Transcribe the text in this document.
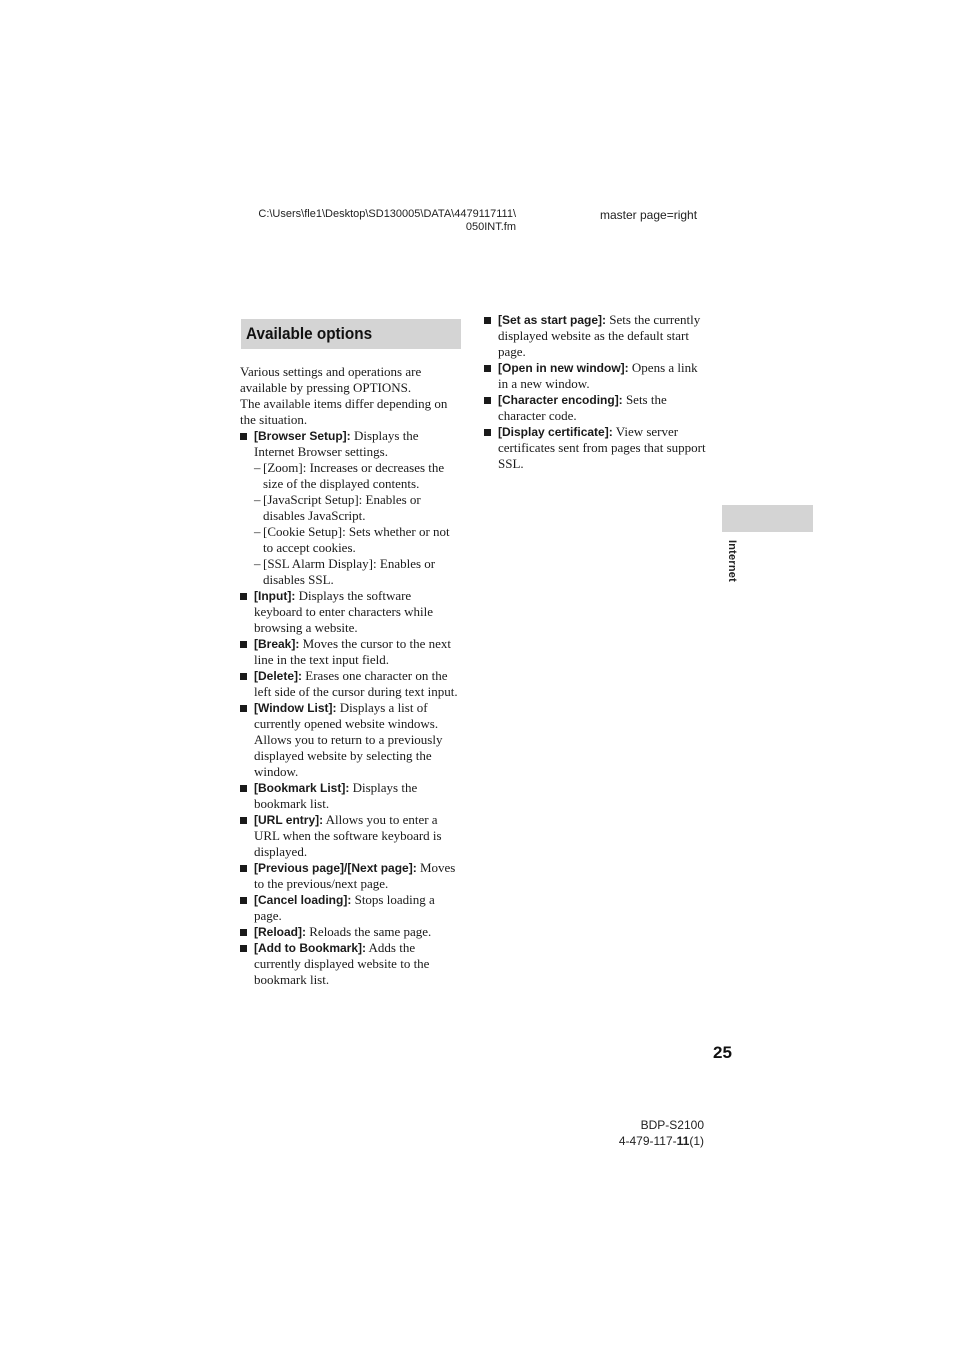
C:\Users\fle1\Desktop\SD130005\DATA\4479117111\
050INT.fm
master page=right
Available options

Various settings and operations are available by pressing OPTIONS.

The available items differ depending on the situation.

[Browser Setup]: Displays the Internet Browser settings.
– [Zoom]: Increases or decreases the size of the displayed contents.
– [JavaScript Setup]: Enables or disables JavaScript.
– [Cookie Setup]: Sets whether or not to accept cookies.
– [SSL Alarm Display]: Enables or disables SSL.
[Input]: Displays the software keyboard to enter characters while browsing a website.
[Break]: Moves the cursor to the next line in the text input field.
[Delete]: Erases one character on the left side of the cursor during text input.
[Window List]: Displays a list of currently opened website windows. Allows you to return to a previously displayed website by selecting the window.
[Bookmark List]: Displays the bookmark list.
[URL entry]: Allows you to enter a URL when the software keyboard is displayed.
[Previous page]/[Next page]: Moves to the previous/next page.
[Cancel loading]: Stops loading a page.
[Reload]: Reloads the same page.
[Add to Bookmark]: Adds the currently displayed website to the bookmark list.
[Set as start page]: Sets the currently displayed website as the default start page.
[Open in new window]: Opens a link in a new window.
[Character encoding]: Sets the character code.
[Display certificate]: View server certificates sent from pages that support SSL.
Internet
25
BDP-S2100
4-479-117-11(1)
